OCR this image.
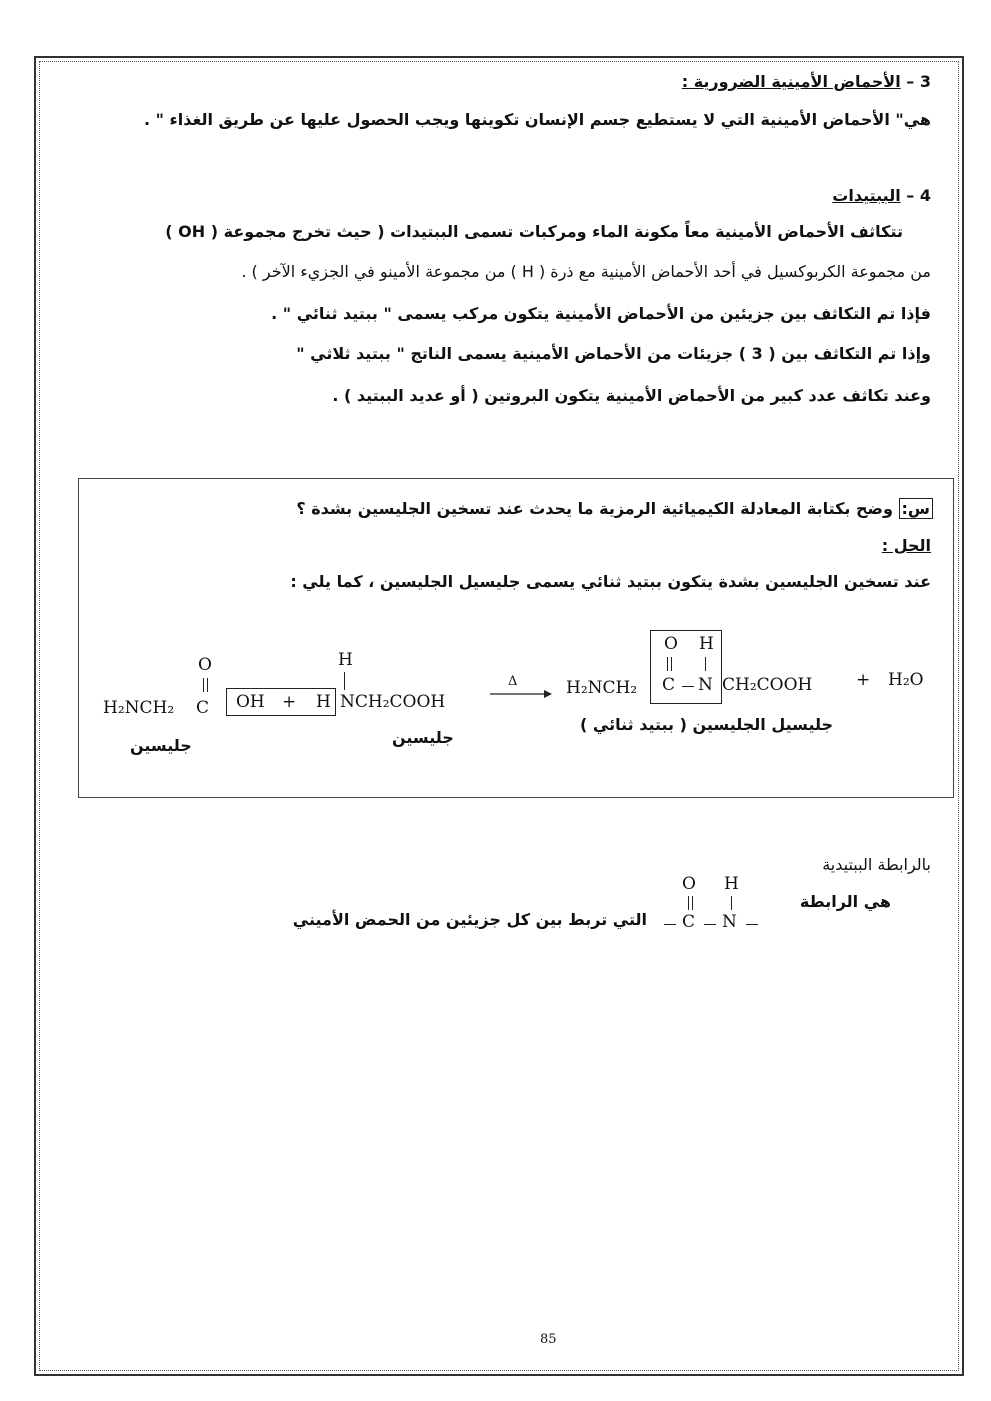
3 – الأحماض الأمينية الضرورية :
هي" الأحماض الأمينية التي لا يستطيع جسم الإنسان تكوينها ويجب الحصول عليها عن طريق الغذاء " .
4 – الببتيدات
تتكاثف الأحماض الأمينية معاً مكونة الماء ومركبات تسمى الببتيدات ( حيث تخرج مجموعة ( OH )
من مجموعة الكربوكسيل في أحد الأحماض الأمينية مع ذرة ( H ) من مجموعة الأمينو في الجزيء الآخر ) .
فإذا تم التكاثف بين جزيئين من الأحماض الأمينية يتكون مركب يسمى " ببتيد ثنائي " .
وإذا تم التكاثف بين ( 3 ) جزيئات من الأحماض الأمينية يسمى الناتج " ببتيد ثلاثي "
وعند تكاثف عدد كبير من الأحماض الأمينية يتكون البروتين ( أو عديد الببتيد ) .
س: وضح بكتابة المعادلة الكيميائية الرمزية ما يحدث عند تسخين الجليسين بشدة ؟
الحل :
عند تسخين الجليسين بشدة يتكون ببتيد ثنائي يسمى جليسيل الجليسين ، كما يلي :
O
H₂NCH₂ C OH + H
H
NCH₂COOH
Δ → H₂NCH₂
O H
C N CH₂COOH	+ H₂O
جليسين	جليسين
جليسيل الجليسين ( ببتيد ثنائي )
بالرابطة الببتيدية
هي الرابطة
O H
C N
التي تربط بين كل جزيئين من الحمض الأميني
85
